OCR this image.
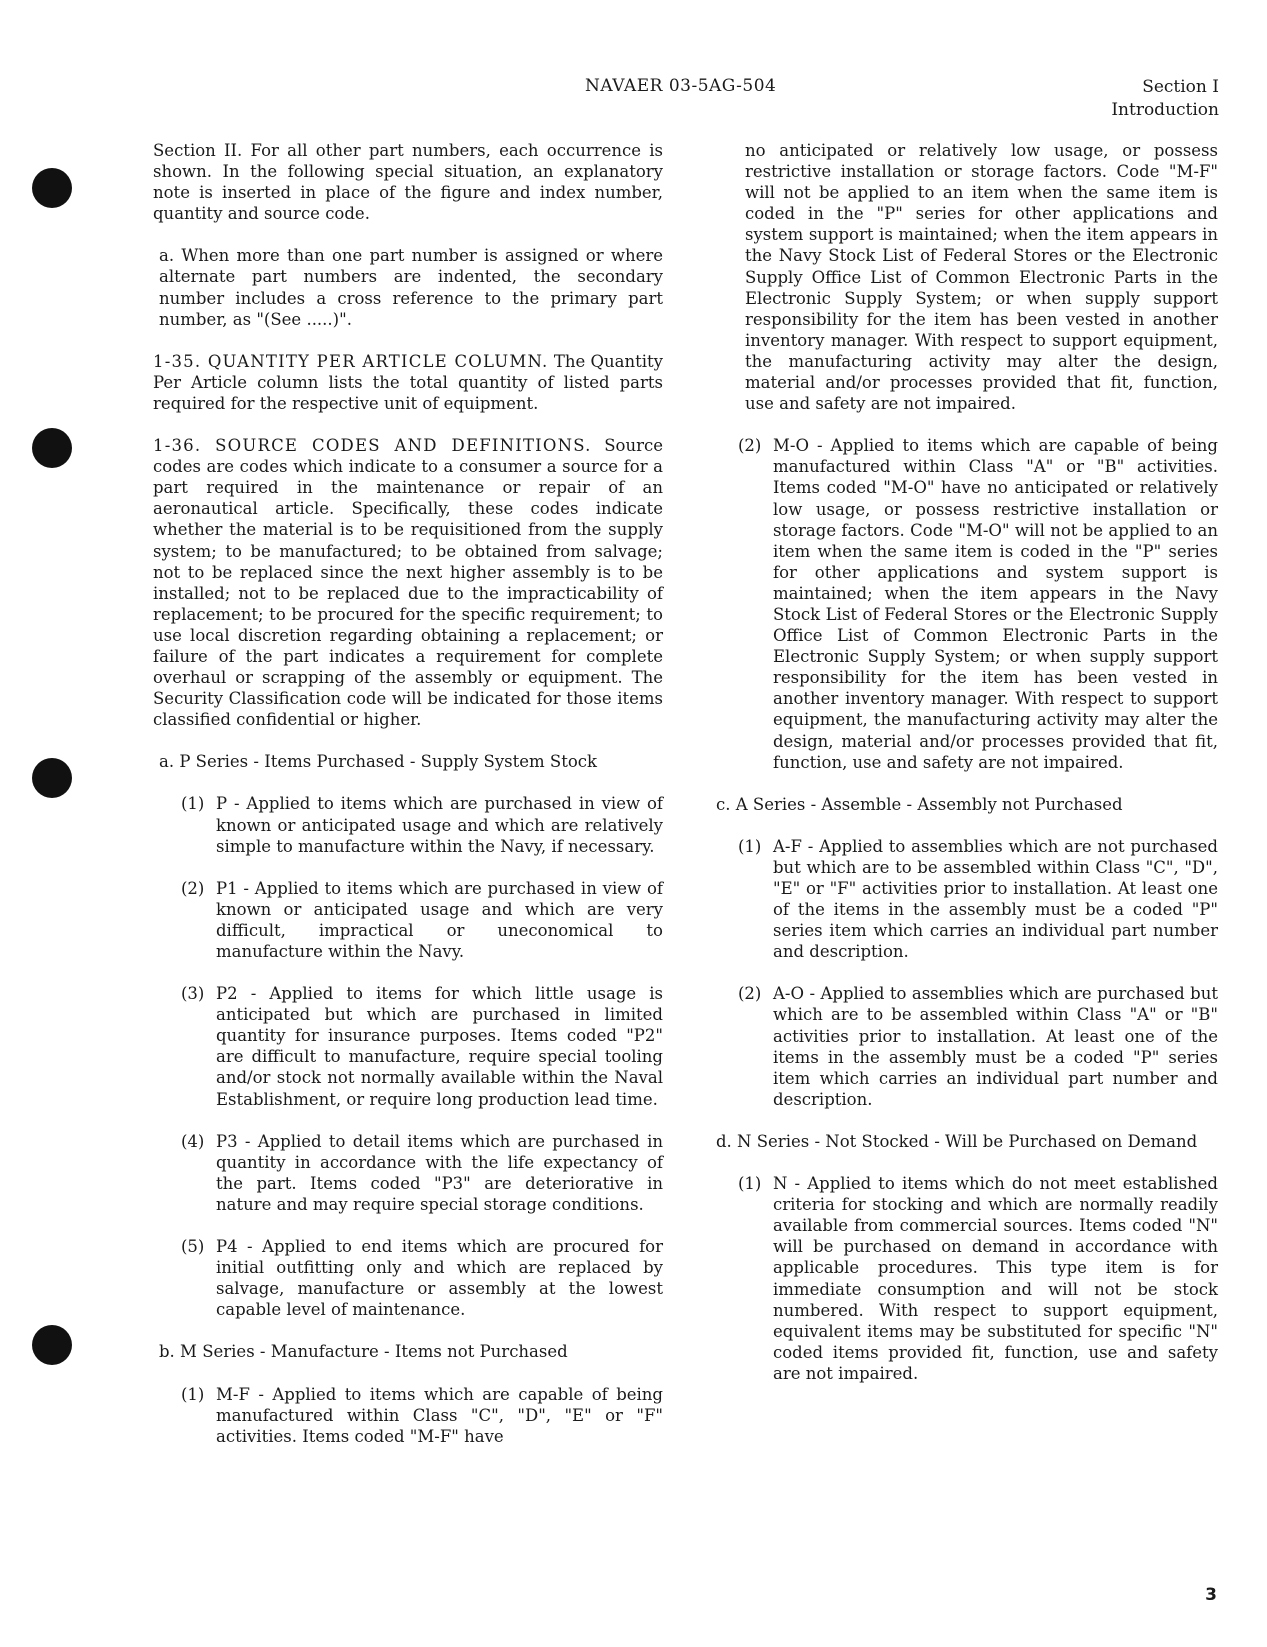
NAVAER 03-5AG-504	Section I
Introduction

Section II. For all other part numbers, each occurrence is shown. In the following special situation, an explanatory note is inserted in place of the figure and index number, quantity and source code.

a. When more than one part number is assigned or where alternate part numbers are indented, the secondary number includes a cross reference to the primary part number, as "(See .....)".

1-35. QUANTITY PER ARTICLE COLUMN. The Quantity Per Article column lists the total quantity of listed parts required for the respective unit of equipment.

1-36. SOURCE CODES AND DEFINITIONS. Source codes are codes which indicate to a consumer a source for a part required in the maintenance or repair of an aeronautical article. Specifically, these codes indicate whether the material is to be requisitioned from the supply system; to be manufactured; to be obtained from salvage; not to be replaced since the next higher assembly is to be installed; not to be replaced due to the impracticability of replacement; to be procured for the specific requirement; to use local discretion regarding obtaining a replacement; or failure of the part indicates a requirement for complete overhaul or scrapping of the assembly or equipment. The Security Classification code will be indicated for those items classified confidential or higher.

a. P Series - Items Purchased - Supply System Stock

(1) P - Applied to items which are purchased in view of known or anticipated usage and which are relatively simple to manufacture within the Navy, if necessary.
(2) P1 - Applied to items which are purchased in view of known or anticipated usage and which are very difficult, impractical or uneconomical to manufacture within the Navy.
(3) P2 - Applied to items for which little usage is anticipated but which are purchased in limited quantity for insurance purposes. Items coded "P2" are difficult to manufacture, require special tooling and/or stock not normally available within the Naval Establishment, or require long production lead time.
(4) P3 - Applied to detail items which are purchased in quantity in accordance with the life expectancy of the part. Items coded "P3" are deteriorative in nature and may require special storage conditions.
(5) P4 - Applied to end items which are procured for initial outfitting only and which are replaced by salvage, manufacture or assembly at the lowest capable level of maintenance.

b. M Series - Manufacture - Items not Purchased

(1) M-F - Applied to items which are capable of being manufactured within Class "C", "D", "E" or "F" activities. Items coded "M-F" have
no anticipated or relatively low usage, or possess restrictive installation or storage factors. Code "M-F" will not be applied to an item when the same item is coded in the "P" series for other applications and system support is maintained; when the item appears in the Navy Stock List of Federal Stores or the Electronic Supply Office List of Common Electronic Parts in the Electronic Supply System; or when supply support responsibility for the item has been vested in another inventory manager. With respect to support equipment, the manufacturing activity may alter the design, material and/or processes provided that fit, function, use and safety are not impaired.
(2) M-O - Applied to items which are capable of being manufactured within Class "A" or "B" activities. Items coded "M-O" have no anticipated or relatively low usage, or possess restrictive installation or storage factors. Code "M-O" will not be applied to an item when the same item is coded in the "P" series for other applications and system support is maintained; when the item appears in the Navy Stock List of Federal Stores or the Electronic Supply Office List of Common Electronic Parts in the Electronic Supply System; or when supply support responsibility for the item has been vested in another inventory manager. With respect to support equipment, the manufacturing activity may alter the design, material and/or processes provided that fit, function, use and safety are not impaired.

c. A Series - Assemble - Assembly not Purchased

(1) A-F - Applied to assemblies which are not purchased but which are to be assembled within Class "C", "D", "E" or "F" activities prior to installation. At least one of the items in the assembly must be a coded "P" series item which carries an individual part number and description.
(2) A-O - Applied to assemblies which are purchased but which are to be assembled within Class "A" or "B" activities prior to installation. At least one of the items in the assembly must be a coded "P" series item which carries an individual part number and description.

d. N Series - Not Stocked - Will be Purchased on Demand

(1) N - Applied to items which do not meet established criteria for stocking and which are normally readily available from commercial sources. Items coded "N" will be purchased on demand in accordance with applicable procedures. This type item is for immediate consumption and will not be stock numbered. With respect to support equipment, equivalent items may be substituted for specific "N" coded items provided fit, function, use and safety are not impaired.
3
